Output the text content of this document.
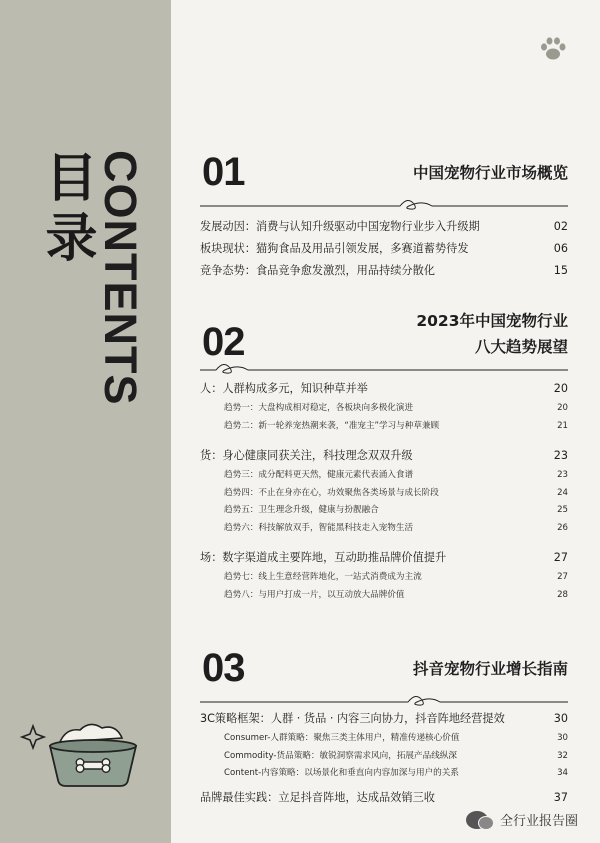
目录 CONTENTS 01	中国宠物行业市场概览
发展动因：消费与认知升级驱动中国宠物行业步入升级期	02
板块现状：猫狗食品及用品引领发展，多赛道蓄势待发	06
竞争态势：食品竞争愈发激烈，用品持续分散化	15
02	2023年中国宠物行业
八大趋势展望
人：人群构成多元，知识种草并举	20
趋势一：大盘构成相对稳定，各板块向多极化演进	20
趋势二：新一轮养宠热潮来袭，“准宠主”学习与种草兼顾	21
货：身心健康同获关注，科技理念双双升级	23
趋势三：成分配料更天然，健康元素代表涌入食谱	23
趋势四：不止在身亦在心，功效聚焦各类场景与成长阶段	24
趋势五：卫生理念升级，健康与扮靓融合	25
趋势六：科技解放双手，智能黑科技走入宠物生活	26
场：数字渠道成主要阵地，互动助推品牌价值提升	27
趋势七：线上生意经营阵地化，一站式消费成为主流	27
趋势八：与用户打成一片，以互动放大品牌价值	28
03	抖音宠物行业增长指南
3C策略框架：人群 · 货品 · 内容三向协力，抖音阵地经营提效	30
Consumer-人群策略：聚焦三类主体用户，精准传递核心价值	30
Commodity-货品策略：敏锐洞察需求风向，拓展产品线纵深	32
Content-内容策略：以场景化和垂直向内容加深与用户的关系	34
品牌最佳实践：立足抖音阵地，达成品效销三收	37
全行业报告圈
